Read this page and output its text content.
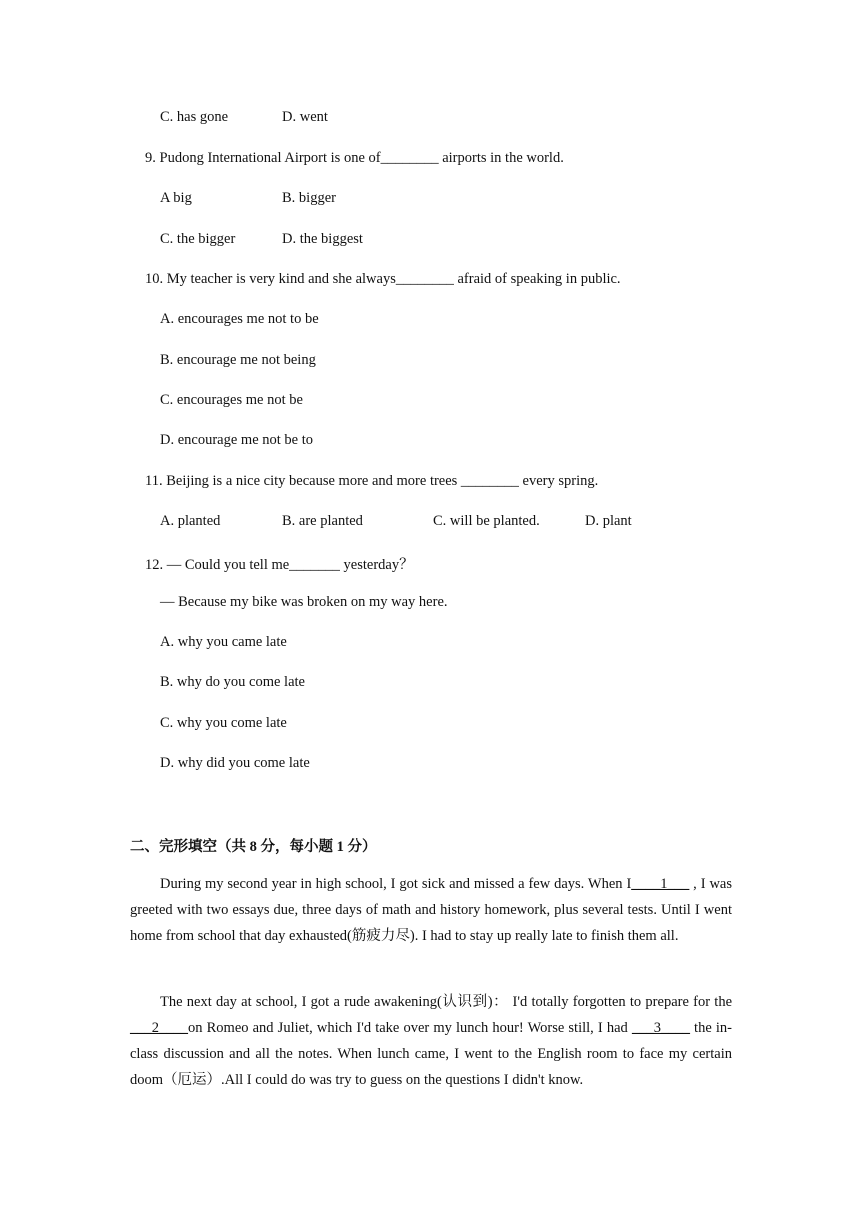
C. has gone	D. went
9. Pudong International Airport is one of________ airports in the world.
A big	B. bigger
C. the bigger	D. the biggest
10. My teacher is very kind and she always________ afraid of speaking in public.
A. encourages me not to be
B. encourage me not being
C. encourages me not be
D. encourage me not be to
11. Beijing is a nice city because more and more trees ________ every spring.
A. planted	B. are planted	C. will be planted.	D. plant
12. — Could you tell me_______ yesterday？
— Because my bike was broken on my way here.
A. why you came late
B. why do you come late
C. why you come late
D. why did you come late
二、完形填空（共 8 分，每小题 1 分）
During my second year in high school, I got sick and missed a few days. When I____1___ , I was greeted with two essays due, three days of math and history homework, plus several tests. Until I went home from school that day exhausted(筋疲力尽). I had to stay up really late to finish them all.
The next day at school, I got a rude awakening(认识到)： I'd totally forgotten to prepare for the ___2____on Romeo and Juliet, which I'd take over my lunch hour! Worse still, I had ___3____ the in- class discussion and all the notes. When lunch came, I went to the English room to face my certain doom（厄运）.All I could do was try to guess on the questions I didn't know.
